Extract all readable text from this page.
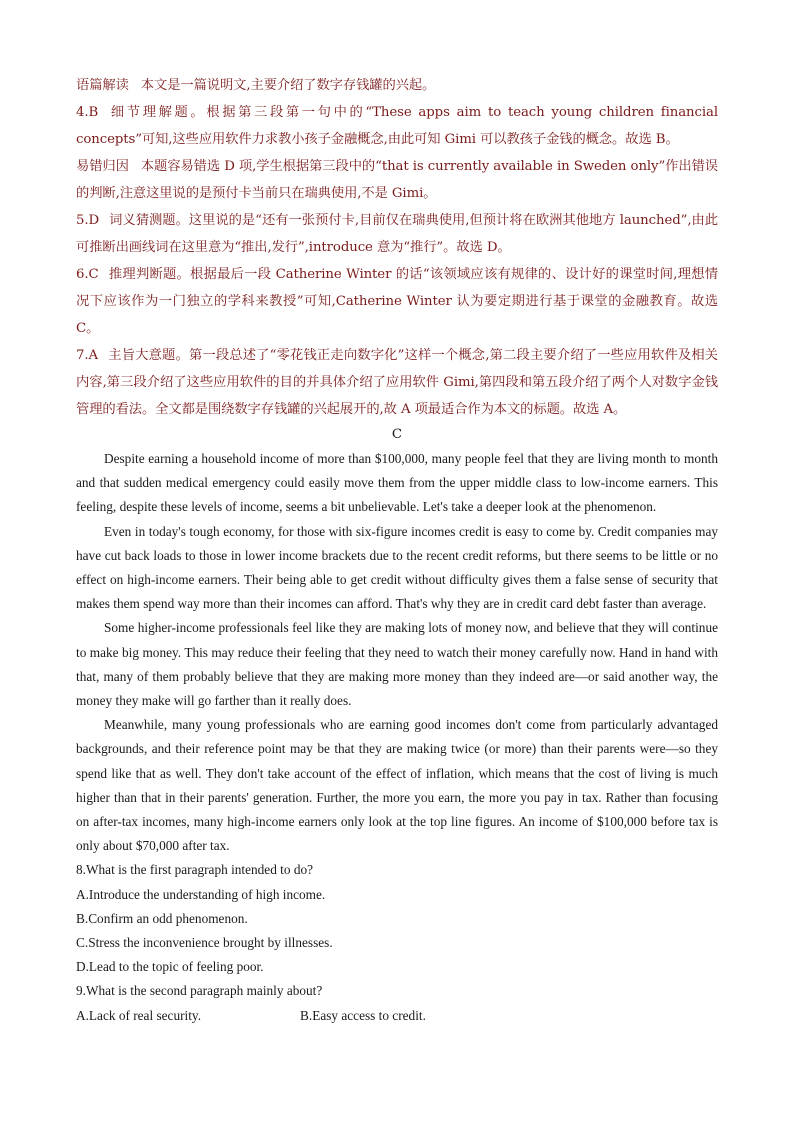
语篇解读 本文是一篇说明文,主要介绍了数字存钱罐的兴起。

4.B 细节理解题。根据第三段第一句中的“These apps aim to teach young children financial concepts”可知,这些应用软件力求教小孩子金融概念,由此可知 Gimi 可以教孩子金钱的概念。故选 B。

易错归因 本题容易错选 D 项,学生根据第三段中的“that is currently available in Sweden only”作出错误的判断,注意这里说的是预付卡当前只在瑞典使用,不是 Gimi。

5.D 词义猜测题。这里说的是“还有一张预付卡,目前仅在瑞典使用,但预计将在欧洲其他地方 launched”,由此可推断出画线词在这里意为“推出,发行”,introduce 意为“推行”。故选 D。

6.C 推理判断题。根据最后一段 Catherine Winter 的话“该领域应该有规律的、设计好的课堂时间,理想情况下应该作为一门独立的学科来教授”可知,Catherine Winter 认为要定期进行基于课堂的金融教育。故选 C。

7.A 主旨大意题。第一段总述了“零花钱正走向数字化”这样一个概念,第二段主要介绍了一些应用软件及相关内容,第三段介绍了这些应用软件的目的并具体介绍了应用软件 Gimi,第四段和第五段介绍了两个人对数字金钱管理的看法。全文都是围绕数字存钱罐的兴起展开的,故 A 项最适合作为本文的标题。故选 A。

C

Despite earning a household income of more than $100,000, many people feel that they are living month to month and that sudden medical emergency could easily move them from the upper middle class to low-income earners. This feeling, despite these levels of income, seems a bit unbelievable. Let's take a deeper look at the phenomenon.

Even in today's tough economy, for those with six-figure incomes credit is easy to come by. Credit companies may have cut back loads to those in lower income brackets due to the recent credit reforms, but there seems to be little or no effect on high-income earners. Their being able to get credit without difficulty gives them a false sense of security that makes them spend way more than their incomes can afford. That's why they are in credit card debt faster than average.

Some higher-income professionals feel like they are making lots of money now, and believe that they will continue to make big money. This may reduce their feeling that they need to watch their money carefully now. Hand in hand with that, many of them probably believe that they are making more money than they indeed are—or said another way, the money they make will go farther than it really does.

Meanwhile, many young professionals who are earning good incomes don't come from particularly advantaged backgrounds, and their reference point may be that they are making twice (or more) than their parents were—so they spend like that as well. They don't take account of the effect of inflation, which means that the cost of living is much higher than that in their parents' generation. Further, the more you earn, the more you pay in tax. Rather than focusing on after-tax incomes, many high-income earners only look at the top line figures. An income of $100,000 before tax is only about $70,000 after tax.

8.What is the first paragraph intended to do?

A.Introduce the understanding of high income.

B.Confirm an odd phenomenon.

C.Stress the inconvenience brought by illnesses.

D.Lead to the topic of feeling poor.

9.What is the second paragraph mainly about?

A.Lack of real security.	B.Easy access to credit.
